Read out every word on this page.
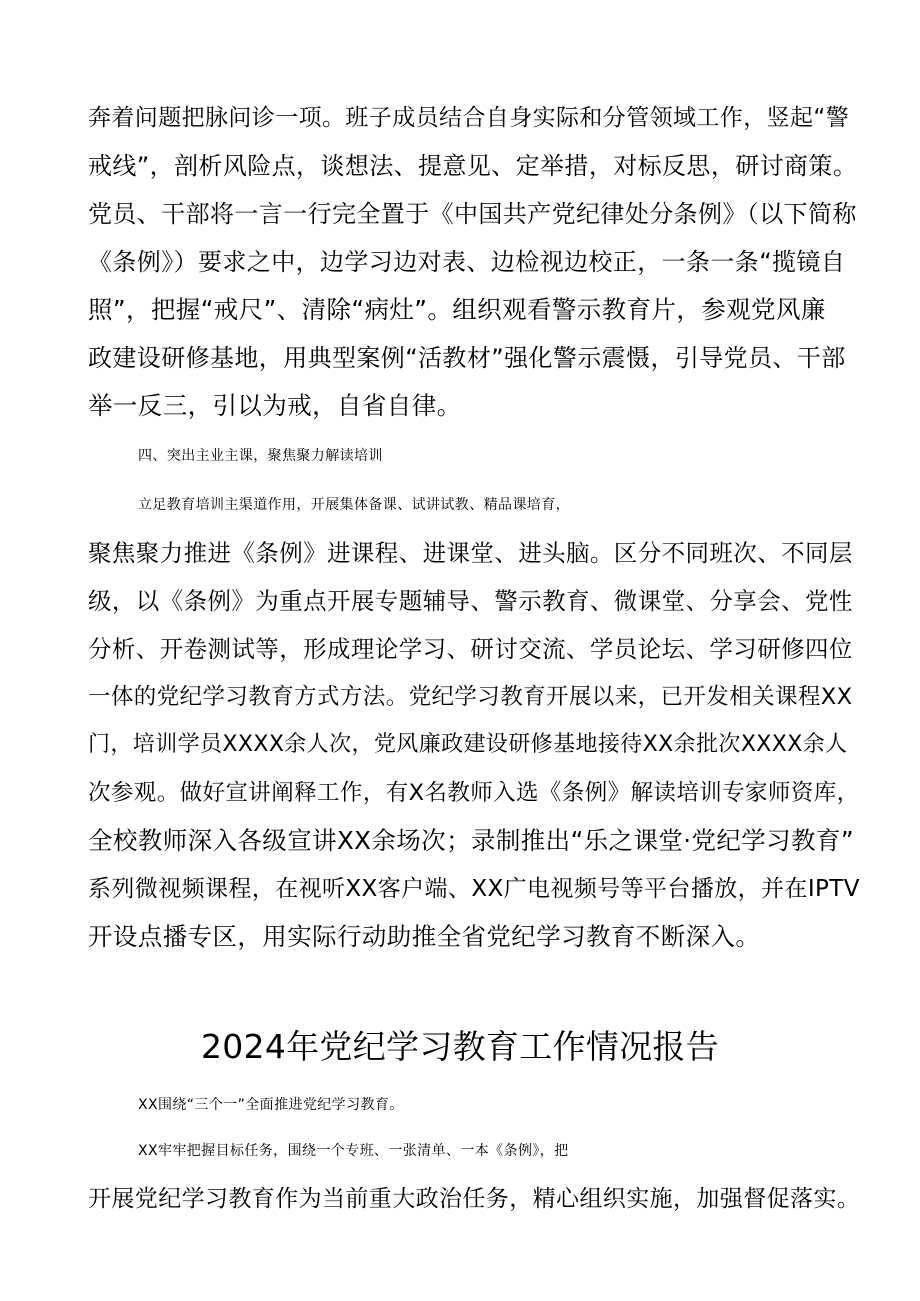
奔着问题把脉问诊一项。班子成员结合自身实际和分管领域工作，竖起“警
戒线”，剖析风险点，谈想法、提意见、定举措，对标反思，研讨商策。
党员、干部将一言一行完全置于《中国共产党纪律处分条例》（以下简称
《条例》）要求之中，边学习边对表、边检视边校正，一条一条“揽镜自
照”，把握“戒尺”、清除“病灶”。组织观看警示教育片，参观党风廉
政建设研修基地，用典型案例“活教材”强化警示震慑，引导党员、干部
举一反三，引以为戒，自省自律。
四、突出主业主课，聚焦聚力解读培训
立足教育培训主渠道作用，开展集体备课、试讲试教、精品课培育，
聚焦聚力推进《条例》进课程、进课堂、进头脑。区分不同班次、不同层
级，以《条例》为重点开展专题辅导、警示教育、微课堂、分享会、党性
分析、开卷测试等，形成理论学习、研讨交流、学员论坛、学习研修四位
一体的党纪学习教育方式方法。党纪学习教育开展以来，已开发相关课程XX
门，培训学员XXXX余人次，党风廉政建设研修基地接待XX余批次XXXX余人
次参观。做好宣讲阐释工作，有X名教师入选《条例》解读培训专家师资库，
全校教师深入各级宣讲XX余场次；录制推出“乐之课堂·党纪学习教育”
系列微视频课程，在视听XX客户端、XX广电视频号等平台播放，并在IPTV
开设点播专区，用实际行动助推全省党纪学习教育不断深入。
2024年党纪学习教育工作情况报告
XX围绕“三个一”全面推进党纪学习教育。
XX牢牢把握目标任务，围绕一个专班、一张清单、一本《条例》，把
开展党纪学习教育作为当前重大政治任务，精心组织实施，加强督促落实。
